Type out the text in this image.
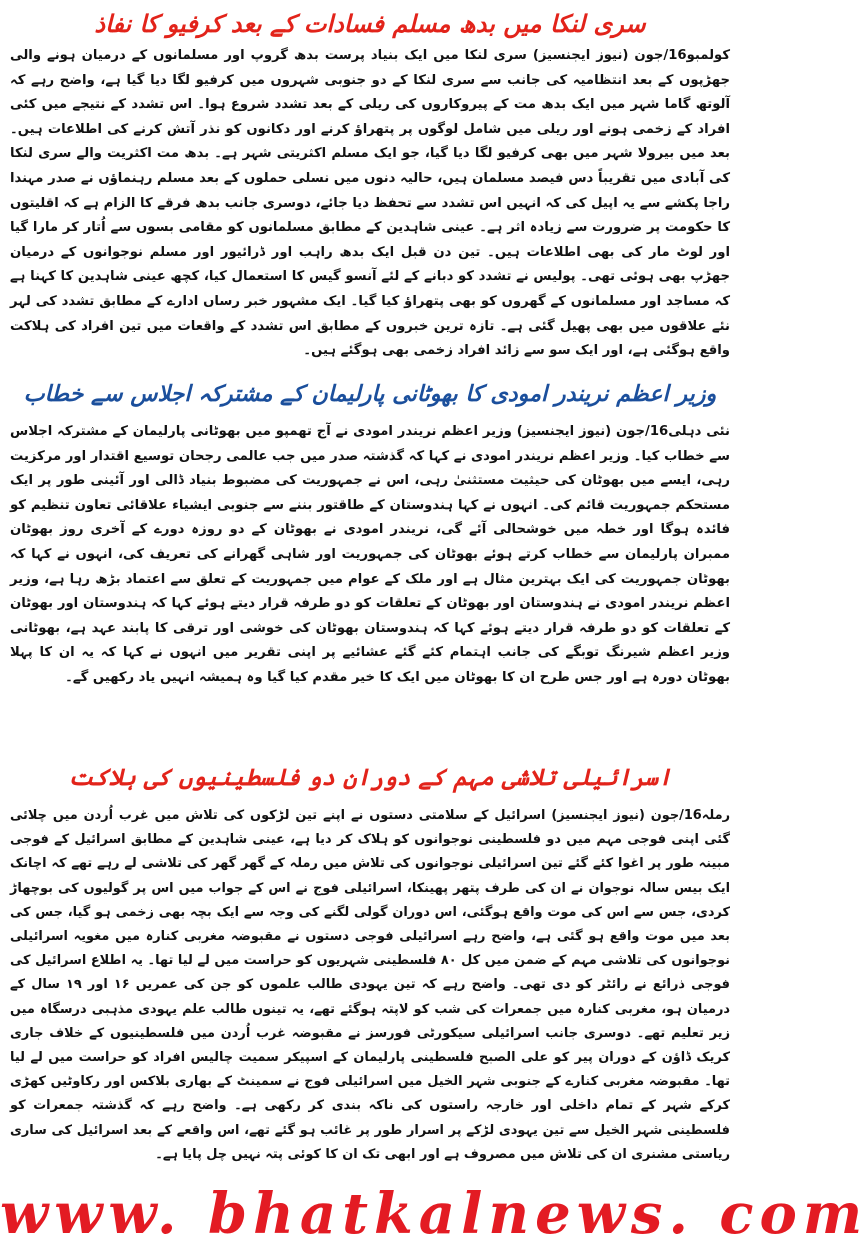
سری لنکا میں بدھ مسلم فسادات کے بعد کرفیو کا نفاذ

کولمبو16/جون (نیوز ایجنسیز) سری لنکا میں ایک بنیاد پرست بدھ گروپ اور مسلمانوں کے درمیان ہونے والی جھڑپوں کے بعد انتظامیہ کی جانب سے سری لنکا کے دو جنوبی شہروں میں کرفیو لگا دیا گیا ہے، واضح رہے کہ آلوتھ گاما شہر میں ایک بدھ مت کے پیروکاروں کی ریلی کے بعد تشدد شروع ہوا۔ اس تشدد کے نتیجے میں کئی افراد کے زخمی ہونے اور ریلی میں شامل لوگوں پر پتھراؤ کرنے اور دکانوں کو نذر آتش کرنے کی اطلاعات ہیں۔ بعد میں بیرولا شہر میں بھی کرفیو لگا دیا گیا، جو ایک مسلم اکثریتی شہر ہے۔ بدھ مت اکثریت والے سری لنکا کی آبادی میں تقریباً دس فیصد مسلمان ہیں، حالیہ دنوں میں نسلی حملوں کے بعد مسلم رہنماؤں نے صدر مہندا راجا پکشے سے یہ اپیل کی کہ انہیں اس تشدد سے تحفظ دیا جائے، دوسری جانب بدھ فرقے کا الزام ہے کہ اقلیتوں کا حکومت پر ضرورت سے زیادہ اثر ہے۔ عینی شاہدین کے مطابق مسلمانوں کو مقامی بسوں سے اُتار کر مارا گیا اور لوٹ مار کی بھی اطلاعات ہیں۔ تین دن قبل ایک بدھ راہب اور ڈرائیور اور مسلم نوجوانوں کے درمیان جھڑپ بھی ہوئی تھی۔ پولیس نے تشدد کو دبانے کے لئے آنسو گیس کا استعمال کیا، کچھ عینی شاہدین کا کہنا ہے کہ مساجد اور مسلمانوں کے گھروں کو بھی پتھراؤ کیا گیا۔ ایک مشہور خبر رساں ادارے کے مطابق تشدد کی لہر نئے علاقوں میں بھی پھیل گئی ہے۔ تازہ ترین خبروں کے مطابق اس تشدد کے واقعات میں تین افراد کی ہلاکت واقع ہوگئی ہے، اور ایک سو سے زائد افراد زخمی بھی ہوگئے ہیں۔

وزیر اعظم نریندر امودی کا بھوٹانی پارلیمان کے مشترکہ اجلاس سے خطاب

نئی دہلی16/جون (نیوز ایجنسیز) وزیر اعظم نریندر امودی نے آج تھمپو میں بھوٹانی پارلیمان کے مشترکہ اجلاس سے خطاب کیا۔ وزیر اعظم نریندر امودی نے کہا کہ گذشتہ صدر میں جب عالمی رجحان توسیع اقتدار اور مرکزیت رہی، ایسے میں بھوٹان کی حیثیت مستثنیٰ رہی، اس نے جمہوریت کی مضبوط بنیاد ڈالی اور آئینی طور پر ایک مستحکم جمہوریت قائم کی۔ انہوں نے کہا ہندوستان کے طاقتور بننے سے جنوبی ایشیاء علاقائی تعاون تنظیم کو فائدہ ہوگا اور خطہ میں خوشحالی آئے گی، نریندر امودی نے بھوٹان کے دو روزہ دورے کے آخری روز بھوٹان ممبران پارلیمان سے خطاب کرتے ہوئے بھوٹان کی جمہوریت اور شاہی گھرانے کی تعریف کی، انہوں نے کہا کہ بھوٹان جمہوریت کی ایک بہترین مثال ہے اور ملک کے عوام میں جمہوریت کے تعلق سے اعتماد بڑھ رہا ہے، وزیر اعظم نریندر امودی نے ہندوستان اور بھوٹان کے تعلقات کو دو طرفہ قرار دیتے ہوئے کہا کہ ہندوستان اور بھوٹان کے تعلقات کو دو طرفہ قرار دیتے ہوئے کہا کہ ہندوستان بھوٹان کی خوشی اور ترقی کا پابند عہد ہے، بھوٹانی وزیر اعظم شیرنگ توبگے کی جانب اہتمام کئے گئے عشائیے پر اپنی تقریر میں انہوں نے کہا کہ یہ ان کا پہلا بھوٹان دورہ ہے اور جس طرح ان کا بھوٹان میں ایک کا خیر مقدم کیا گیا وہ ہمیشہ انہیں یاد رکھیں گے۔

اسرائیلی تلاشی مہم کے دوران دو فلسطینیوں کی ہلاکت

رملہ16/جون (نیوز ایجنسیز) اسرائیل کے سلامتی دستوں نے اپنے تین لڑکوں کی تلاش میں غرب اُردن میں چلائی گئی اپنی فوجی مہم میں دو فلسطینی نوجوانوں کو ہلاک کر دیا ہے، عینی شاہدین کے مطابق اسرائیل کے فوجی مبینہ طور پر اغوا کئے گئے تین اسرائیلی نوجوانوں کی تلاش میں رملہ کے گھر گھر کی تلاشی لے رہے تھے کہ اچانک ایک بیس سالہ نوجوان نے ان کی طرف پتھر پھینکا، اسرائیلی فوج نے اس کے جواب میں اس پر گولیوں کی بوچھاڑ کردی، جس سے اس کی موت واقع ہوگئی، اس دوران گولی لگنے کی وجہ سے ایک بچہ بھی زخمی ہو گیا، جس کی بعد میں موت واقع ہو گئی ہے، واضح رہے اسرائیلی فوجی دستوں نے مقبوضہ مغربی کنارہ میں مغویہ اسرائیلی نوجوانوں کی تلاشی مہم کے ضمن میں کل ۸۰ فلسطینی شہریوں کو حراست میں لے لیا تھا۔ یہ اطلاع اسرائیل کی فوجی ذرائع نے رائٹر کو دی تھی۔ واضح رہے کہ تین یہودی طالب علموں کو جن کی عمریں ۱۶ اور ۱۹ سال کے درمیان ہو، مغربی کنارہ میں جمعرات کی شب کو لاپتہ ہوگئے تھے، یہ تینوں طالب علم یہودی مذہبی درسگاہ میں زیر تعلیم تھے۔ دوسری جانب اسرائیلی سیکورٹی فورسز نے مقبوضہ غرب اُردن میں فلسطینیوں کے خلاف جاری کریک ڈاؤن کے دوران پیر کو علی الصبح فلسطینی پارلیمان کے اسپیکر سمیت چالیس افراد کو حراست میں لے لیا تھا۔ مقبوضہ مغربی کنارے کے جنوبی شہر الخیل میں اسرائیلی فوج نے سمینٹ کے بھاری بلاکس اور رکاوٹیں کھڑی کرکے شہر کے تمام داخلی اور خارجہ راستوں کی ناکہ بندی کر رکھی ہے۔ واضح رہے کہ گذشتہ جمعرات کو فلسطینی شہر الخیل سے تین یہودی لڑکے پر اسرار طور پر غائب ہو گئے تھے، اس واقعے کے بعد اسرائیل کی ساری ریاستی مشنری ان کی تلاش میں مصروف ہے اور ابھی تک ان کا کوئی پتہ نہیں چل پایا ہے۔

www. bhatkalnews. com
